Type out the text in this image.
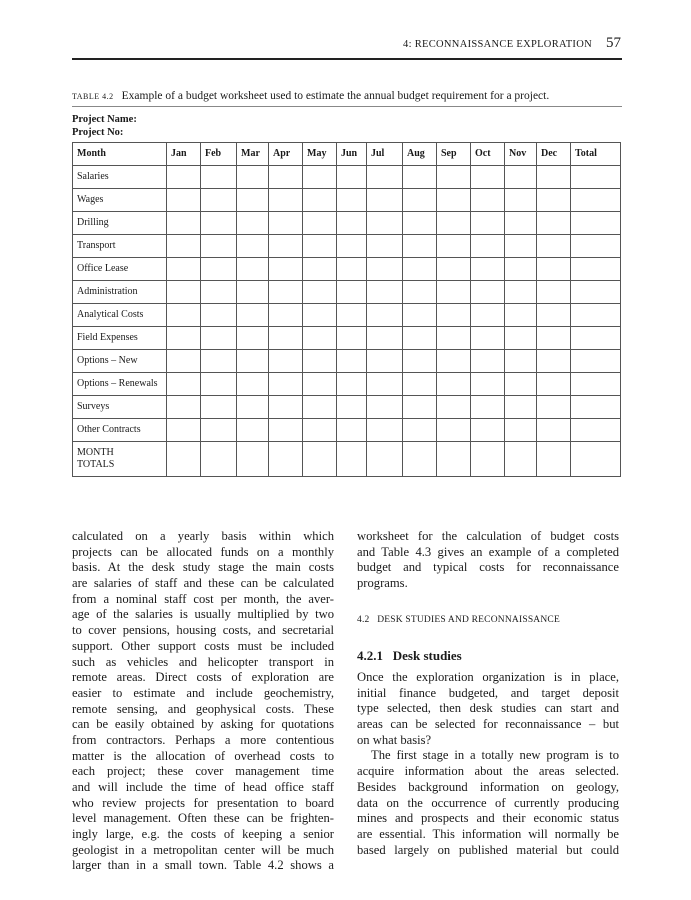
4: RECONNAISSANCE EXPLORATION 57
TABLE 4.2 Example of a budget worksheet used to estimate the annual budget requirement for a project.
Project Name:
Project No:
Month	Jan	Feb	Mar	Apr	May	Jun	Jul	Aug	Sep	Oct	Nov	Dec	Total
Salaries													
Wages													
Drilling													
Transport													
Office Lease													
Administration													
Analytical Costs													
Field Expenses													
Options – New													
Options – Renewals													
Surveys													
Other Contracts													

MONTH
TOTALS													

calculated on a yearly basis within which
projects can be allocated funds on a monthly
basis. At the desk study stage the main costs
are salaries of staff and these can be calculated
from a nominal staff cost per month, the aver-
age of the salaries is usually multiplied by two
to cover pensions, housing costs, and secretarial
support. Other support costs must be included
such as vehicles and helicopter transport in
remote areas. Direct costs of exploration are
easier to estimate and include geochemistry,
remote sensing, and geophysical costs. These
can be easily obtained by asking for quotations
from contractors. Perhaps a more contentious
matter is the allocation of overhead costs to
each project; these cover management time
and will include the time of head office staff
who review projects for presentation to board
level management. Often these can be frighten-
ingly large, e.g. the costs of keeping a senior
geologist in a metropolitan center will be much
larger than in a small town. Table 4.2 shows a
worksheet for the calculation of budget costs
and Table 4.3 gives an example of a completed
budget and typical costs for reconnaissance
programs.
4.2   DESK STUDIES AND RECONNAISSANCE
4.2.1   Desk studies
Once the exploration organization is in place,
initial finance budgeted, and target deposit
type selected, then desk studies can start and
areas can be selected for reconnaissance – but
on what basis?
The first stage in a totally new program is to
acquire information about the areas selected.
Besides background information on geology,
data on the occurrence of currently producing
mines and prospects and their economic status
are essential. This information will normally be
based largely on published material but could
